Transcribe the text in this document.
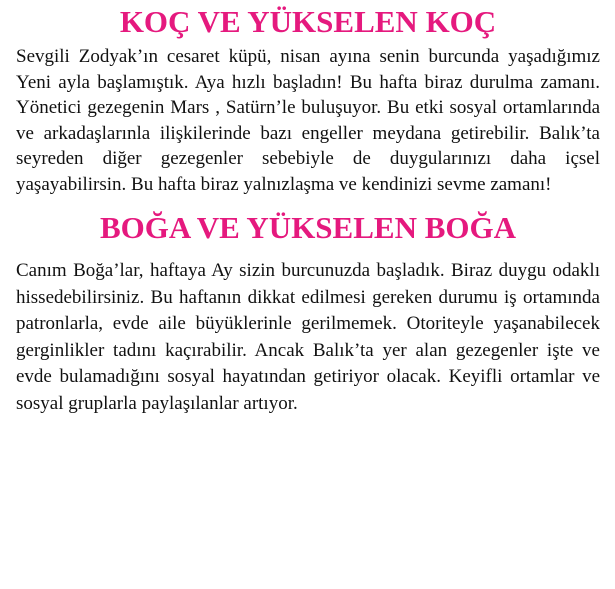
KOÇ VE YÜKSELEN KOÇ

Sevgili Zodyak’ın cesaret küpü, nisan ayına senin burcunda yaşadığımız Yeni ayla başlamıştık. Aya hızlı başladın! Bu hafta biraz durulma zamanı. Yönetici gezegenin Mars , Satürn’le buluşuyor. Bu etki sosyal ortamlarında ve arkadaşlarınla ilişkilerinde bazı engeller meydana getirebilir. Balık’ta seyreden diğer gezegenler sebebiyle de duygularınızı daha içsel yaşayabilirsin. Bu hafta biraz yalnızlaşma ve kendinizi sevme zamanı!

BOĞA VE YÜKSELEN BOĞA

Canım Boğa’lar, haftaya Ay sizin burcunuzda başladık. Biraz duygu odaklı hissedebilirsiniz. Bu haftanın dikkat edilmesi gereken durumu iş ortamında patronlarla, evde aile büyüklerinle gerilmemek. Otoriteyle yaşanabilecek gerginlikler tadını kaçırabilir. Ancak Balık’ta yer alan gezegenler işte ve evde bulamadığını sosyal hayatından getiriyor olacak. Keyifli ortamlar ve sosyal gruplarla paylaşılanlar artıyor.
